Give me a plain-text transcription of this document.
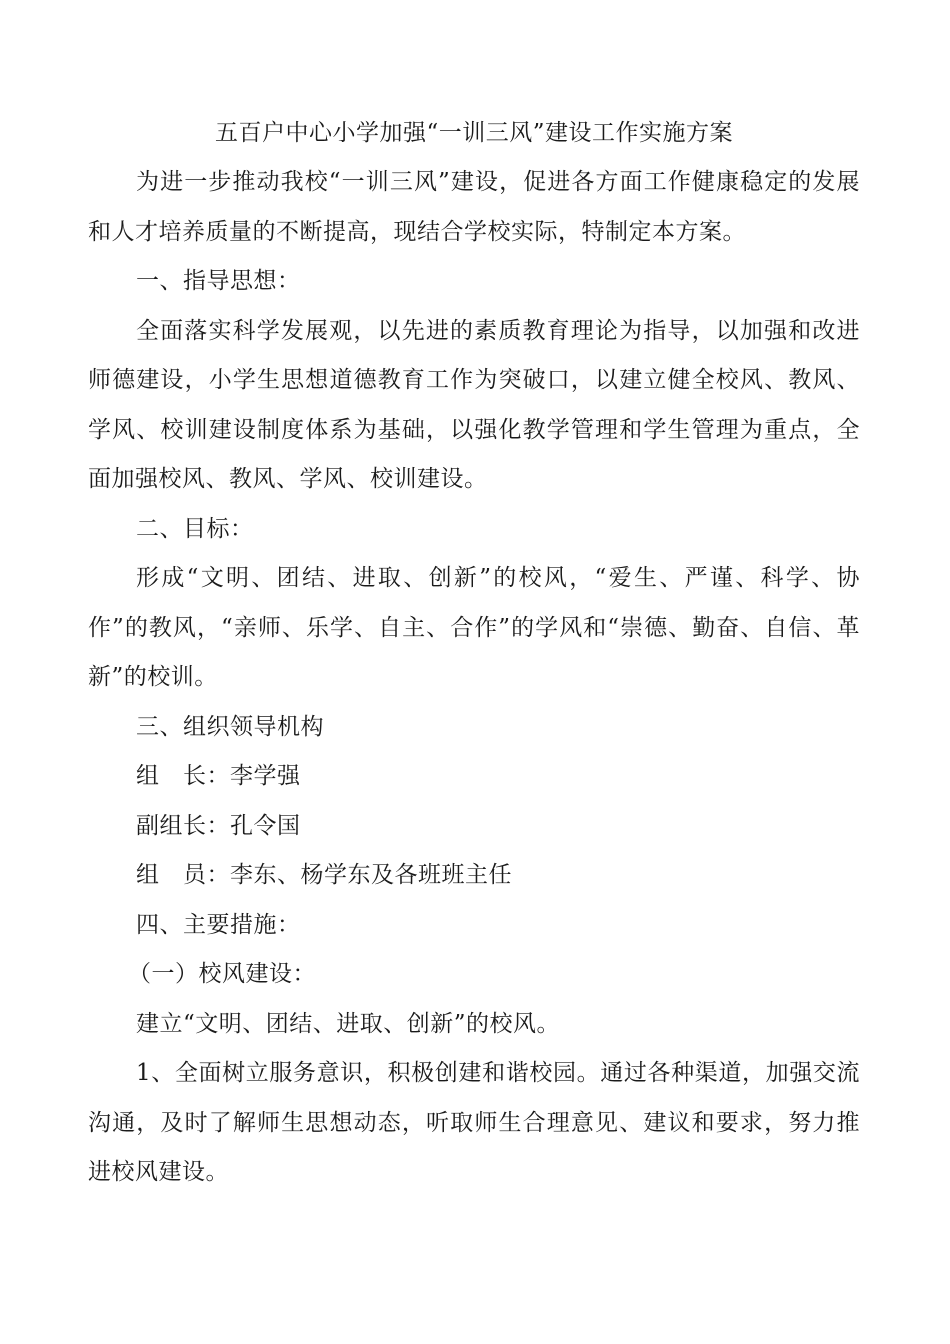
五百户中心小学加强“一训三风”建设工作实施方案

为进一步推动我校“一训三风”建设，促进各方面工作健康稳定的发展和人才培养质量的不断提高，现结合学校实际，特制定本方案。

一、指导思想：

全面落实科学发展观，以先进的素质教育理论为指导，以加强和改进师德建设，小学生思想道德教育工作为突破口，以建立健全校风、教风、学风、校训建设制度体系为基础，以强化教学管理和学生管理为重点，全面加强校风、教风、学风、校训建设。

二、目标：

形成“文明、团结、进取、创新”的校风，“爱生、严谨、科学、协作”的教风，“亲师、乐学、自主、合作”的学风和“崇德、勤奋、自信、革新”的校训。

三、组织领导机构

组　长：李学强

副组长：孔令国

组　员：李东、杨学东及各班班主任

四、主要措施：

（一）校风建设：

建立“文明、团结、进取、创新”的校风。

1、全面树立服务意识，积极创建和谐校园。通过各种渠道，加强交流沟通，及时了解师生思想动态，听取师生合理意见、建议和要求，努力推进校风建设。
